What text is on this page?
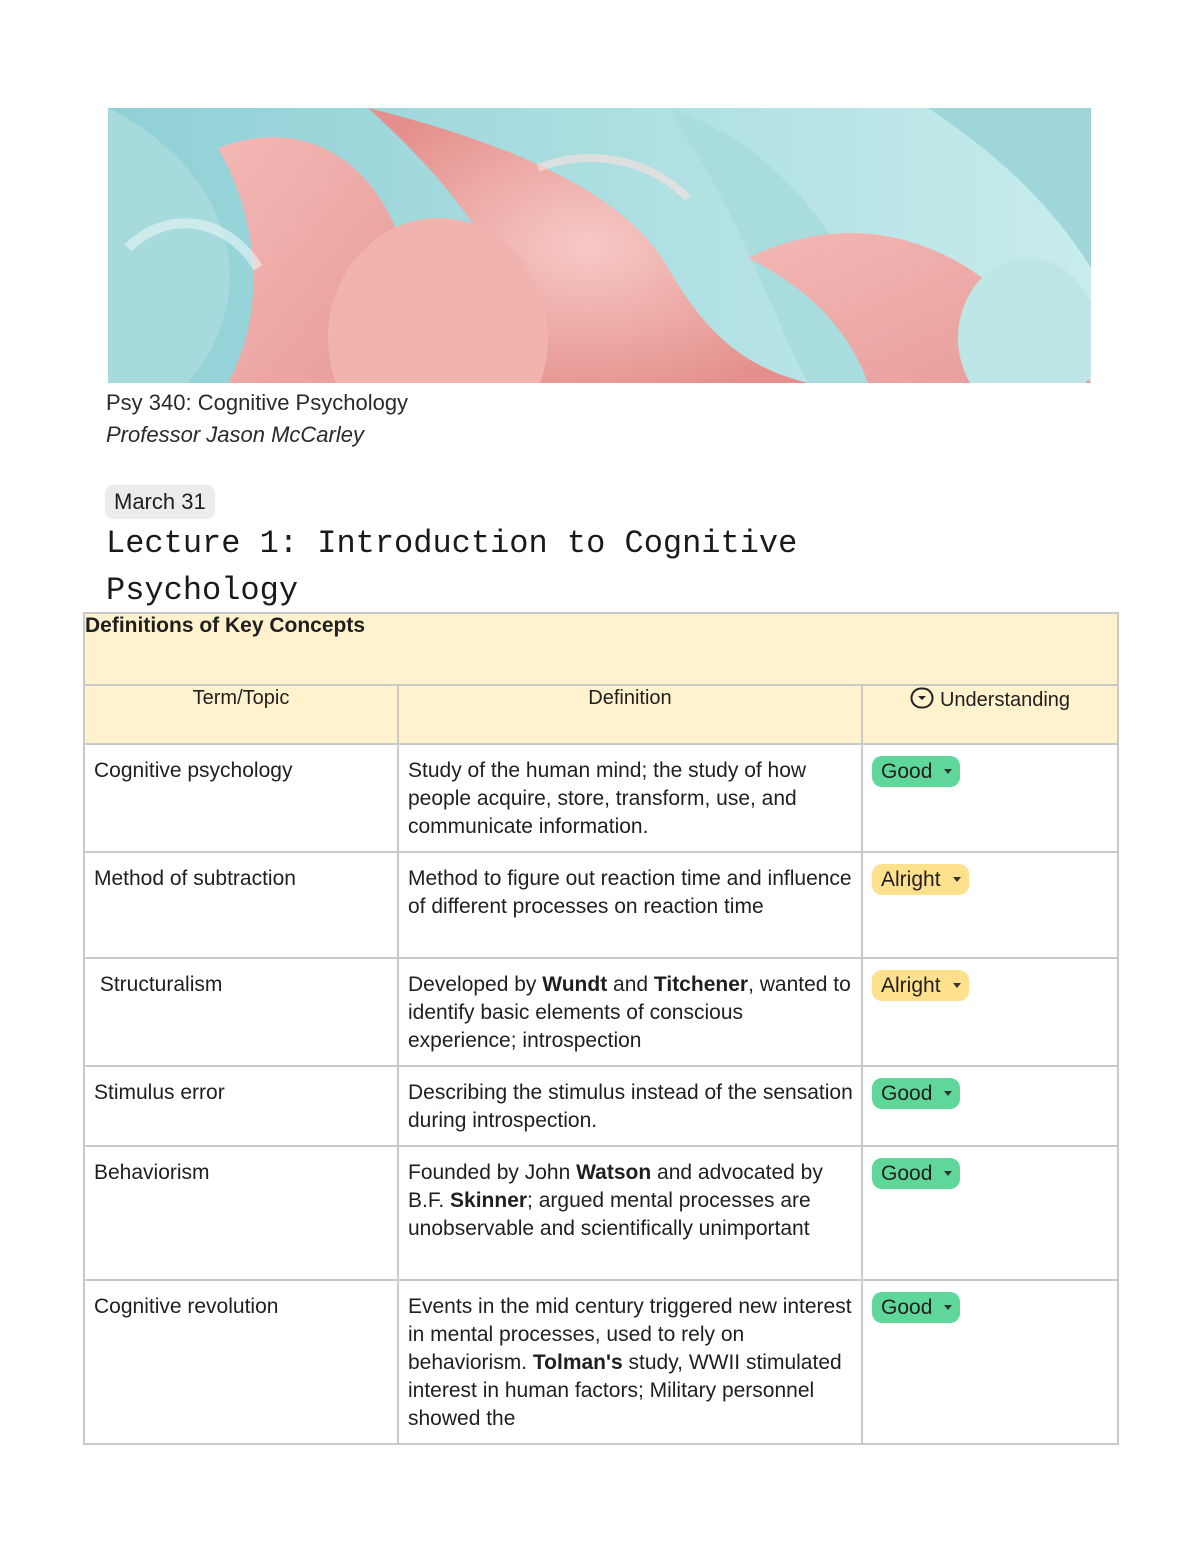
Psy 340: Cognitive Psychology
Professor Jason McCarley
March 31
Lecture 1: Introduction to Cognitive Psychology
Definitions of Key Concepts		
Term/Topic	Definition	Understanding
Cognitive psychology	Study of the human mind; the study of how people acquire, store, transform, use, and communicate information.	Good

Method of subtraction	Method to figure out reaction time and influence of different processes on reaction time	Alright

Structuralism	Developed by Wundt and Titchener, wanted to identify basic elements of conscious experience; introspection	Alright

Stimulus error	Describing the stimulus instead of the sensation during introspection.	Good

Behaviorism	Founded by John Watson and advocated by B.F. Skinner; argued mental processes are unobservable and scientifically unimportant	Good

Cognitive revolution	Events in the mid century triggered new interest in mental processes, used to rely on behaviorism. Tolman's study, WWII stimulated interest in human factors; Military personnel showed the	Good
